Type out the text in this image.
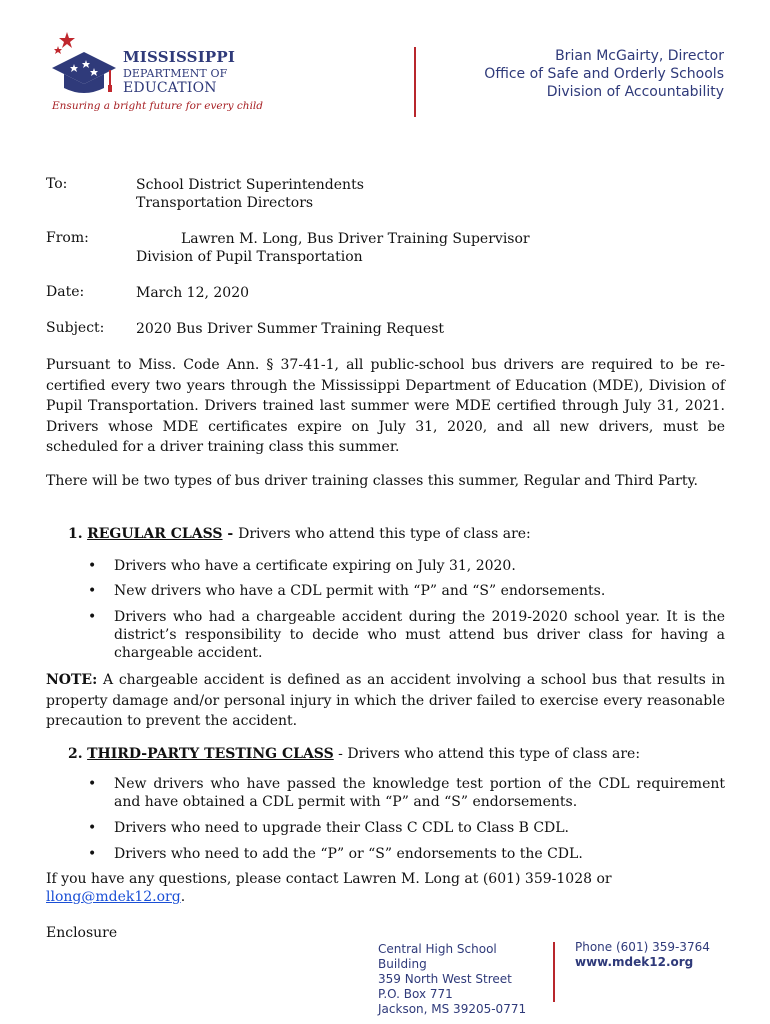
MISSISSIPPI
DEPARTMENT OF
EDUCATION
Ensuring a bright future for every child
Brian McGairty, Director
Office of Safe and Orderly Schools
Division of Accountability
To:	School District Superintendents
Transportation Directors
From:	Lawren M. Long, Bus Driver Training Supervisor
Division of Pupil Transportation
Date:	March 12, 2020
Subject: 2020 Bus Driver Summer Training Request
Pursuant to Miss. Code Ann. § 37-41-1, all public-school bus drivers are required to be re-certified every two years through the Mississippi Department of Education (MDE), Division of Pupil Transportation. Drivers trained last summer were MDE certified through July 31, 2021. Drivers whose MDE certificates expire on July 31, 2020, and all new drivers, must be scheduled for a driver training class this summer.
There will be two types of bus driver training classes this summer, Regular and Third Party.
1. REGULAR CLASS - Drivers who attend this type of class are:
• Drivers who have a certificate expiring on July 31, 2020.
• New drivers who have a CDL permit with “P” and “S” endorsements.
• Drivers who had a chargeable accident during the 2019-2020 school year. It is the district’s responsibility to decide who must attend bus driver class for having a chargeable accident.
NOTE: A chargeable accident is defined as an accident involving a school bus that results in property damage and/or personal injury in which the driver failed to exercise every reasonable precaution to prevent the accident.
2. THIRD-PARTY TESTING CLASS - Drivers who attend this type of class are:
• New drivers who have passed the knowledge test portion of the CDL requirement and have obtained a CDL permit with “P” and “S” endorsements.
• Drivers who need to upgrade their Class C CDL to Class B CDL.
• Drivers who need to add the “P” or “S” endorsements to the CDL.
If you have any questions, please contact Lawren M. Long at (601) 359-1028 or llong@mdek12.org.
Enclosure
Central High School
Building
359 North West Street
P.O. Box 771
Jackson, MS 39205-0771
Phone (601) 359-3764
www.mdek12.org
